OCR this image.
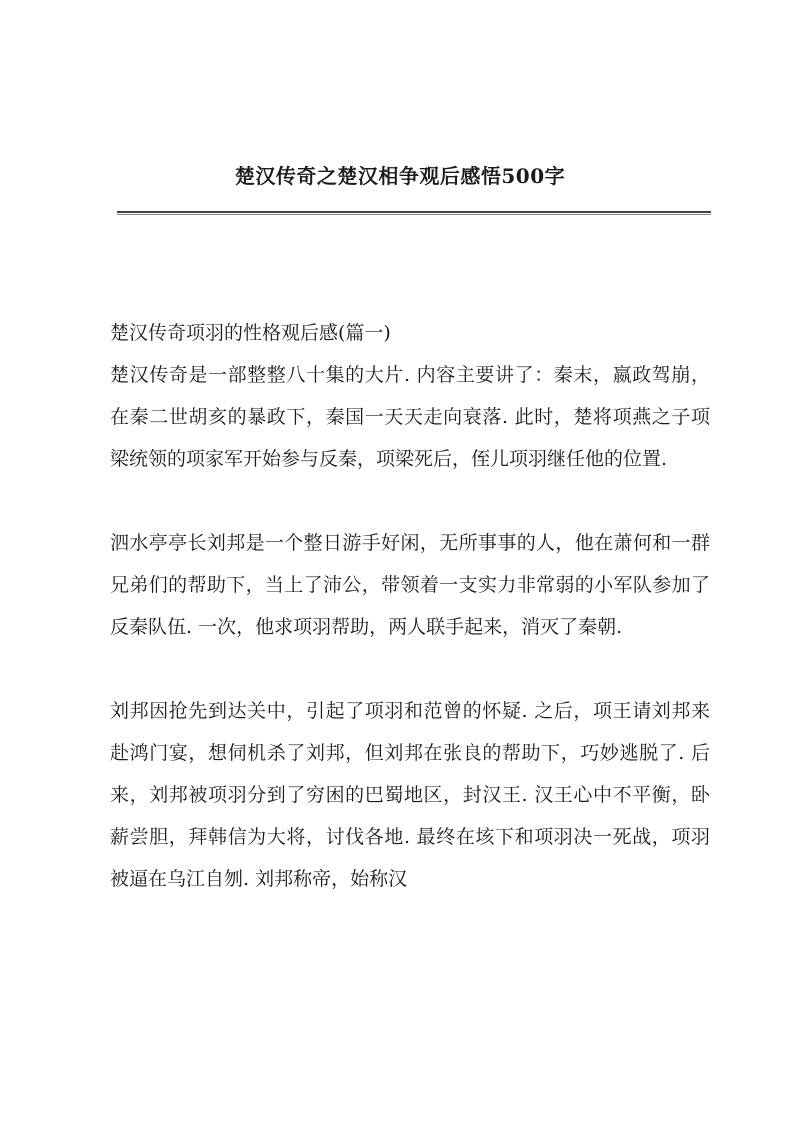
楚汉传奇之楚汉相争观后感悟500字

楚汉传奇项羽的性格观后感(篇一)

楚汉传奇是一部整整八十集的大片. 内容主要讲了：秦末，嬴政驾崩，在秦二世胡亥的暴政下，秦国一天天走向衰落. 此时，楚将项燕之子项梁统领的项家军开始参与反秦，项梁死后，侄儿项羽继任他的位置.

泗水亭亭长刘邦是一个整日游手好闲，无所事事的人，他在萧何和一群兄弟们的帮助下，当上了沛公，带领着一支实力非常弱的小军队参加了反秦队伍. 一次，他求项羽帮助，两人联手起来，消灭了秦朝.

刘邦因抢先到达关中，引起了项羽和范曾的怀疑. 之后，项王请刘邦来赴鸿门宴，想伺机杀了刘邦，但刘邦在张良的帮助下，巧妙逃脱了. 后来，刘邦被项羽分到了穷困的巴蜀地区，封汉王. 汉王心中不平衡，卧薪尝胆，拜韩信为大将，讨伐各地. 最终在垓下和项羽决一死战，项羽被逼在乌江自刎. 刘邦称帝，始称汉
